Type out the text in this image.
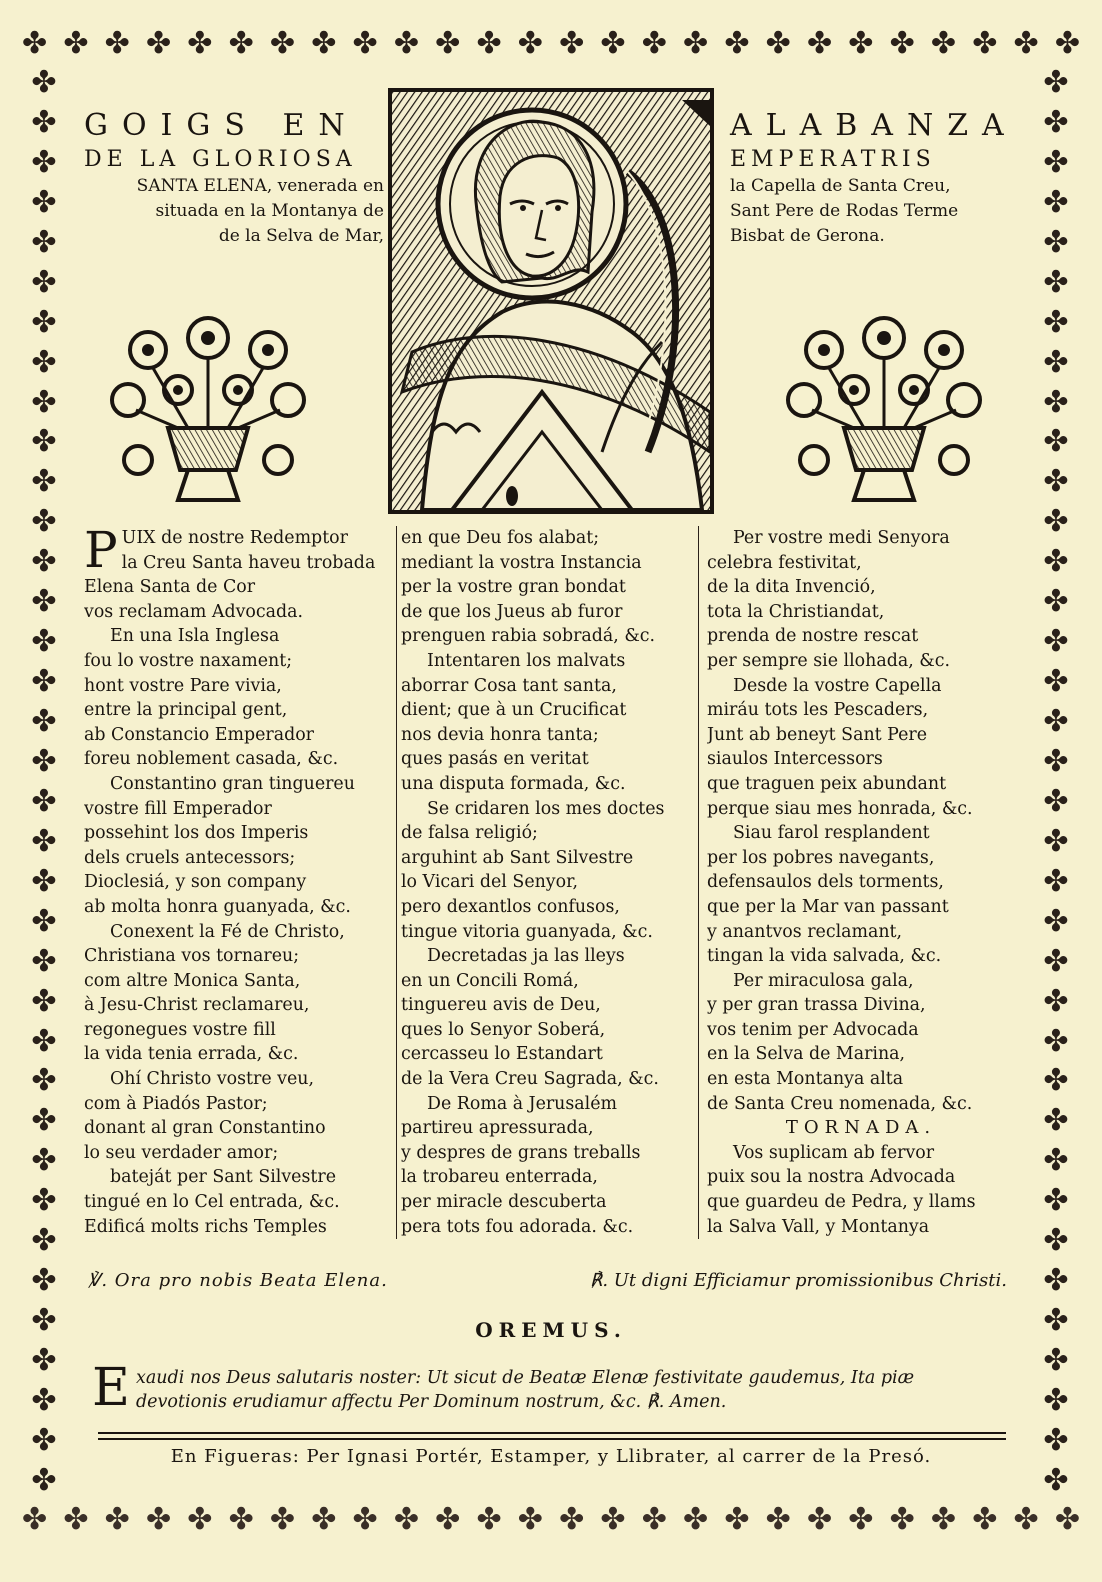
✤ ✤ ✤ ✤ ✤ ✤ ✤ ✤ ✤ ✤ ✤ ✤ ✤ ✤ ✤ ✤ ✤ ✤ ✤ ✤ ✤ ✤ ✤ ✤ ✤ ✤
✤ ✤ ✤ ✤ ✤ ✤ ✤ ✤ ✤ ✤ ✤ ✤ ✤ ✤ ✤ ✤ ✤ ✤ ✤ ✤ ✤ ✤ ✤ ✤ ✤ ✤
✤
✤
✤
✤
✤
✤
✤
✤
✤
✤
✤
✤
✤
✤
✤
✤
✤
✤
✤
✤
✤
✤
✤
✤
✤
✤
✤
✤
✤
✤
✤
✤
✤
✤
✤
✤
✤
✤
✤
✤
✤
✤
✤
✤
✤
✤
✤
✤
✤
✤
✤
✤
✤
✤
✤
✤
✤
✤
✤
✤
✤
✤
✤
✤
✤
✤
✤
✤
✤
✤
✤
✤
GOIGS EN
DE LA GLORIOSA

SANTA ELENA, venerada en

situada en la Montanya de

de la Selva de Mar,

ALABANZA
EMPERATRIS

la Capella de Santa Creu,

Sant Pere de Rodas Terme

Bisbat de Gerona.

P UIX de nostre Redemptor
la Creu Santa haveu trobada
Elena Santa de Cor
vos reclamam Advocada.
En una Isla Inglesa
fou lo vostre naxament;
hont vostre Pare vivia,
entre la principal gent,
ab Constancio Emperador
foreu noblement casada, &c.
Constantino gran tinguereu
vostre fill Emperador
possehint los dos Imperis
dels cruels antecessors;
Dioclesiá, y son company
ab molta honra guanyada, &c.
Conexent la Fé de Christo,
Christiana vos tornareu;
com altre Monica Santa,
à Jesu-Christ reclamareu,
regonegues vostre fill
la vida tenia errada, &c.
Ohí Christo vostre veu,
com à Piadós Pastor;
donant al gran Constantino
lo seu verdader amor;
bateját per Sant Silvestre
tingué en lo Cel entrada, &c.
Edificá molts richs Temples
en que Deu fos alabat;
mediant la vostra Instancia
per la vostre gran bondat
de que los Jueus ab furor
prenguen rabia sobradá, &c.
Intentaren los malvats
aborrar Cosa tant santa,
dient; que à un Crucificat
nos devia honra tanta;
ques pasás en veritat
una disputa formada, &c.
Se cridaren los mes doctes
de falsa religió;
arguhint ab Sant Silvestre
lo Vicari del Senyor,
pero dexantlos confusos,
tingue vitoria guanyada, &c.
Decretadas ja las lleys
en un Concili Romá,
tinguereu avis de Deu,
ques lo Senyor Soberá,
cercasseu lo Estandart
de la Vera Creu Sagrada, &c.
De Roma à Jerusalém
partireu apressurada,
y despres de grans treballs
la trobareu enterrada,
per miracle descuberta
pera tots fou adorada. &c.
Per vostre medi Senyora
celebra festivitat,
de la dita Invenció,
tota la Christiandat,
prenda de nostre rescat
per sempre sie llohada, &c.
Desde la vostre Capella
miráu tots les Pescaders,
Junt ab beneyt Sant Pere
siaulos Intercessors
que traguen peix abundant
perque siau mes honrada, &c.
Siau farol resplandent
per los pobres navegants,
defensaulos dels torments,
que per la Mar van passant
y anantvos reclamant,
tingan la vida salvada, &c.
Per miraculosa gala,
y per gran trassa Divina,
vos tenim per Advocada
en la Selva de Marina,
en esta Montanya alta
de Santa Creu nomenada, &c.
TORNADA.
Vos suplicam ab fervor
puix sou la nostra Advocada
que guardeu de Pedra, y llams
la Salva Vall, y Montanya
℣. Ora pro nobis Beata Elena.	℟. Ut digni Efficiamur promissionibus Christi.
OREMUS.
E xaudi nos Deus salutaris noster: Ut sicut de Beatæ Elenæ festivitate gaudemus, Ita piæ devotionis erudiamur affectu Per Dominum nostrum, &c. ℟. Amen.
En Figueras: Per Ignasi Portér, Estamper, y Llibrater, al carrer de la Presó.
